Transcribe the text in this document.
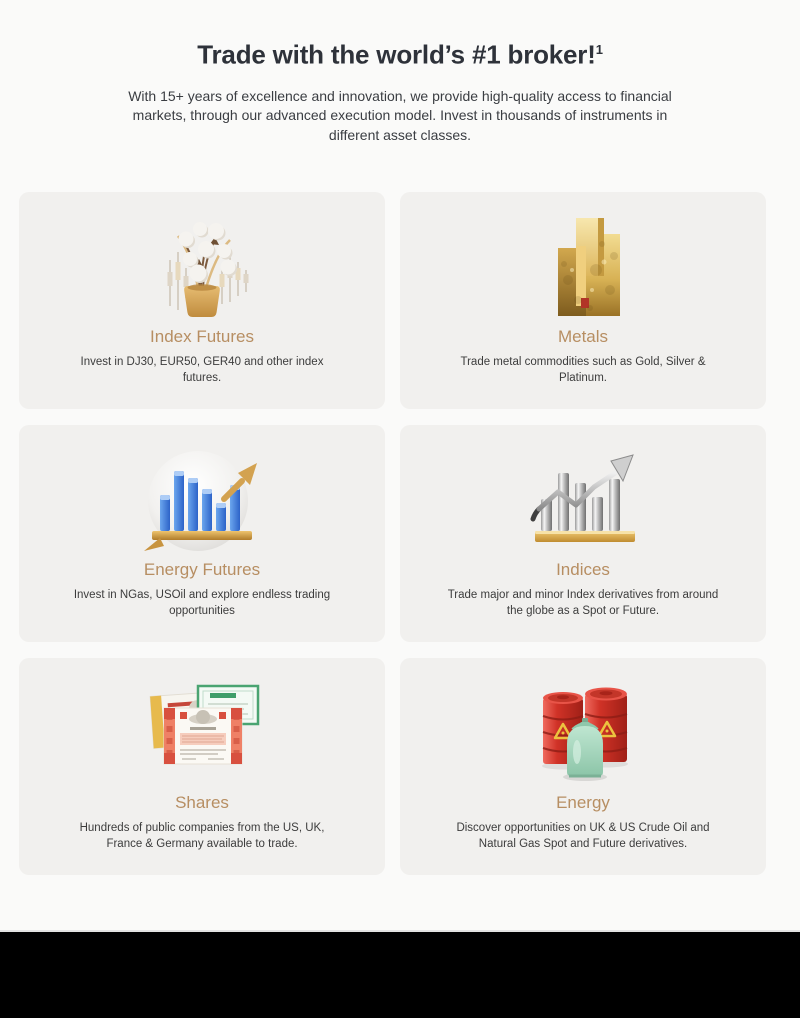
Trade with the world’s #1 broker!$^1$

With 15+ years of excellence and innovation, we provide high-quality access to financial markets, through our advanced execution model. Invest in thousands of instruments in different asset classes.

Index Futures

Invest in DJ30, EUR50, GER40 and other index futures.

Metals

Trade metal commodities such as Gold, Silver & Platinum.

Energy Futures

Invest in NGas, USOil and explore endless trading opportunities

Indices

Trade major and minor Index derivatives from around the globe as a Spot or Future.

Shares

Hundreds of public companies from the US, UK, France & Germany available to trade.

Energy

Discover opportunities on UK & US Crude Oil and Natural Gas Spot and Future derivatives.
